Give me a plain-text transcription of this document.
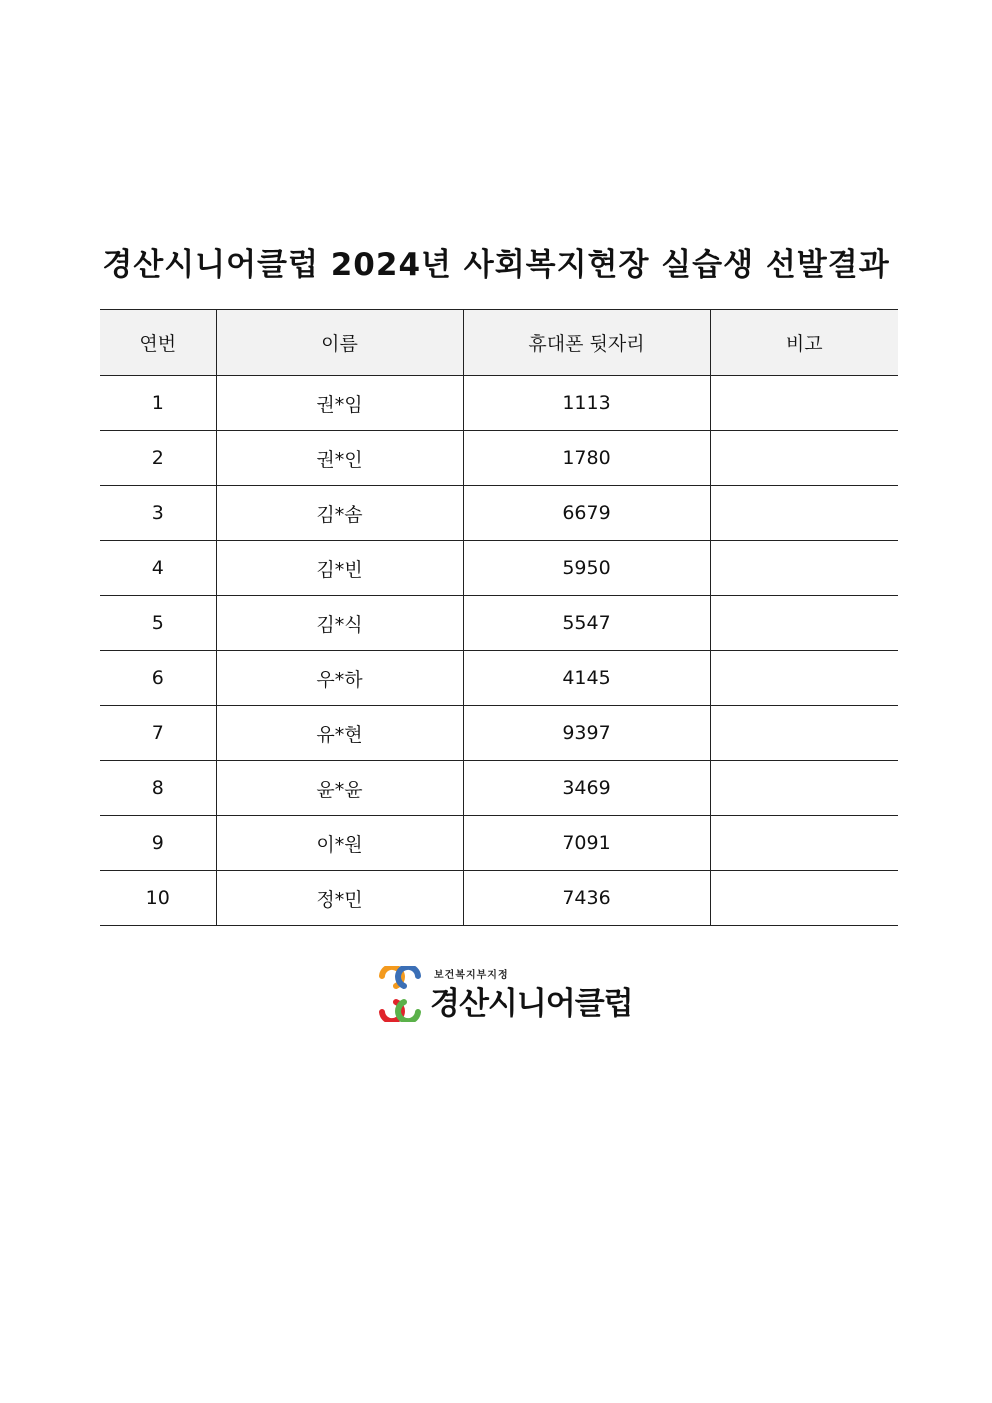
경산시니어클럽 2024년 사회복지현장 실습생 선발결과
연번	이름	휴대폰 뒷자리	비고
1	권*임	1113	
2	권*인	1780	
3	김*솜	6679	
4	김*빈	5950	
5	김*식	5547	
6	우*하	4145	
7	유*현	9397	
8	윤*윤	3469	
9	이*원	7091	
10	정*민	7436	
보건복지부지정
경산시니어클럽
